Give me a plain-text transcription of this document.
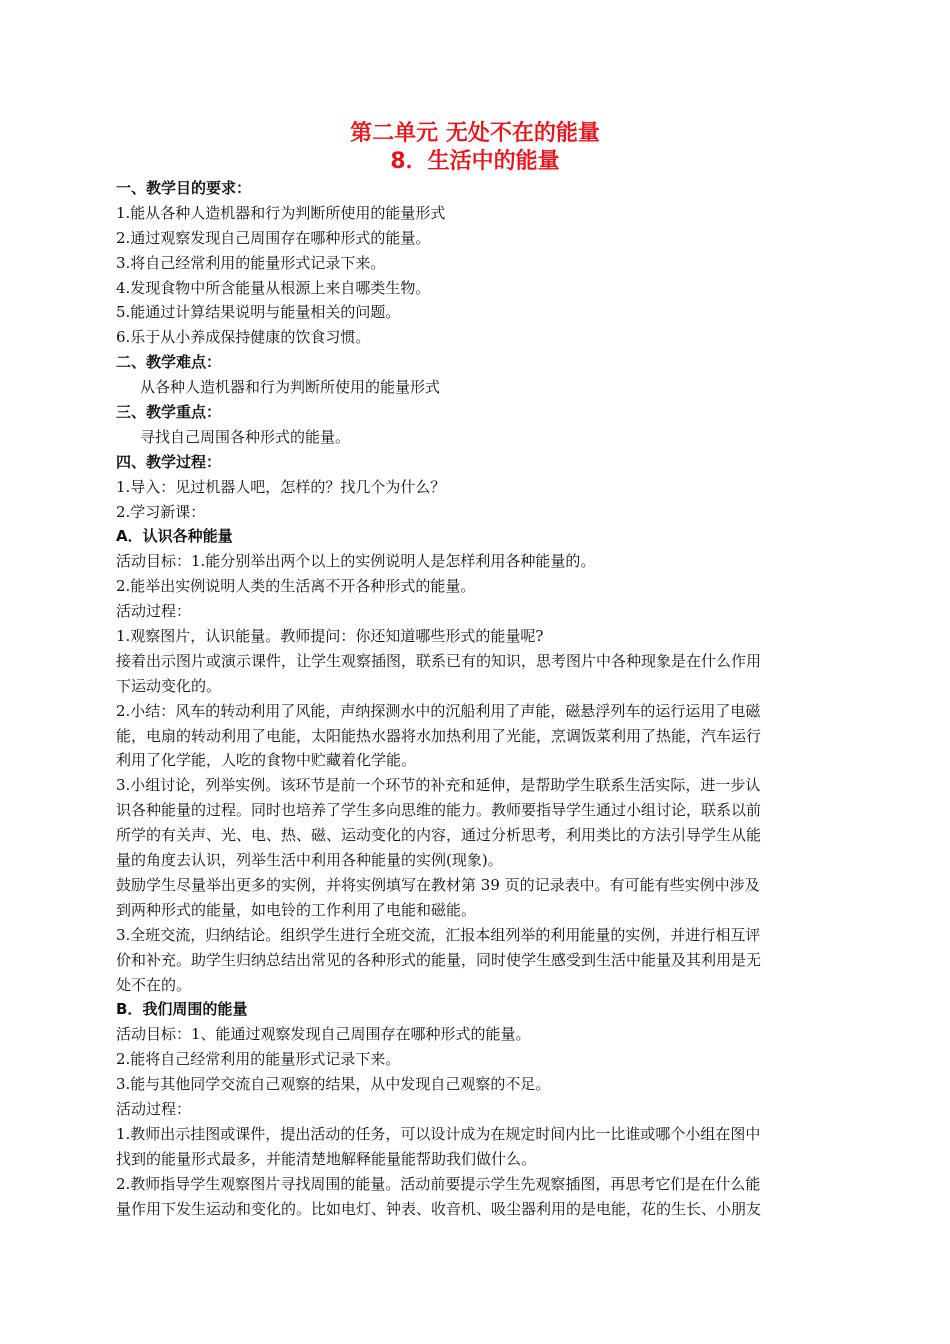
第二单元 无处不在的能量
8．生活中的能量
一、教学目的要求：
1.能从各种人造机器和行为判断所使用的能量形式
2.通过观察发现自己周围存在哪种形式的能量。
3.将自己经常利用的能量形式记录下来。
4.发现食物中所含能量从根源上来自哪类生物。
5.能通过计算结果说明与能量相关的问题。
6.乐于从小养成保持健康的饮食习惯。
二、教学难点：
从各种人造机器和行为判断所使用的能量形式
三、教学重点：
寻找自己周围各种形式的能量。
四、教学过程：
1.导入：见过机器人吧，怎样的？找几个为什么？
2.学习新课：
A．认识各种能量
活动目标：1.能分别举出两个以上的实例说明人是怎样利用各种能量的。
2.能举出实例说明人类的生活离不开各种形式的能量。
活动过程：
1.观察图片，认识能量。教师提问：你还知道哪些形式的能量呢?
接着出示图片或演示课件，让学生观察插图，联系已有的知识，思考图片中各种现象是在什么作用
下运动变化的。
2.小结：风车的转动利用了风能，声纳探测水中的沉船利用了声能，磁悬浮列车的运行运用了电磁
能，电扇的转动利用了电能，太阳能热水器将水加热利用了光能，烹调饭菜利用了热能，汽车运行
利用了化学能，人吃的食物中贮藏着化学能。
3.小组讨论，列举实例。该环节是前一个环节的补充和延伸，是帮助学生联系生活实际，进一步认
识各种能量的过程。同时也培养了学生多向思维的能力。教师要指导学生通过小组讨论，联系以前
所学的有关声、光、电、热、磁、运动变化的内容，通过分析思考，利用类比的方法引导学生从能
量的角度去认识，列举生活中利用各种能量的实例(现象)。
鼓励学生尽量举出更多的实例，并将实例填写在教材第 39 页的记录表中。有可能有些实例中涉及
到两种形式的能量，如电铃的工作利用了电能和磁能。
3.全班交流，归纳结论。组织学生进行全班交流，汇报本组列举的利用能量的实例，并进行相互评
价和补充。助学生归纳总结出常见的各种形式的能量，同时使学生感受到生活中能量及其利用是无
处不在的。
B．我们周围的能量
活动目标：1、能通过观察发现自己周围存在哪种形式的能量。
2.能将自己经常利用的能量形式记录下来。
3.能与其他同学交流自己观察的结果，从中发现自己观察的不足。
活动过程：
1.教师出示挂图或课件，提出活动的任务，可以设计成为在规定时间内比一比谁或哪个小组在图中
找到的能量形式最多，并能清楚地解释能量能帮助我们做什么。
2.教师指导学生观察图片寻找周围的能量。活动前要提示学生先观察插图，再思考它们是在什么能
量作用下发生运动和变化的。比如电灯、钟表、收音机、吸尘器利用的是电能，花的生长、小朋友
